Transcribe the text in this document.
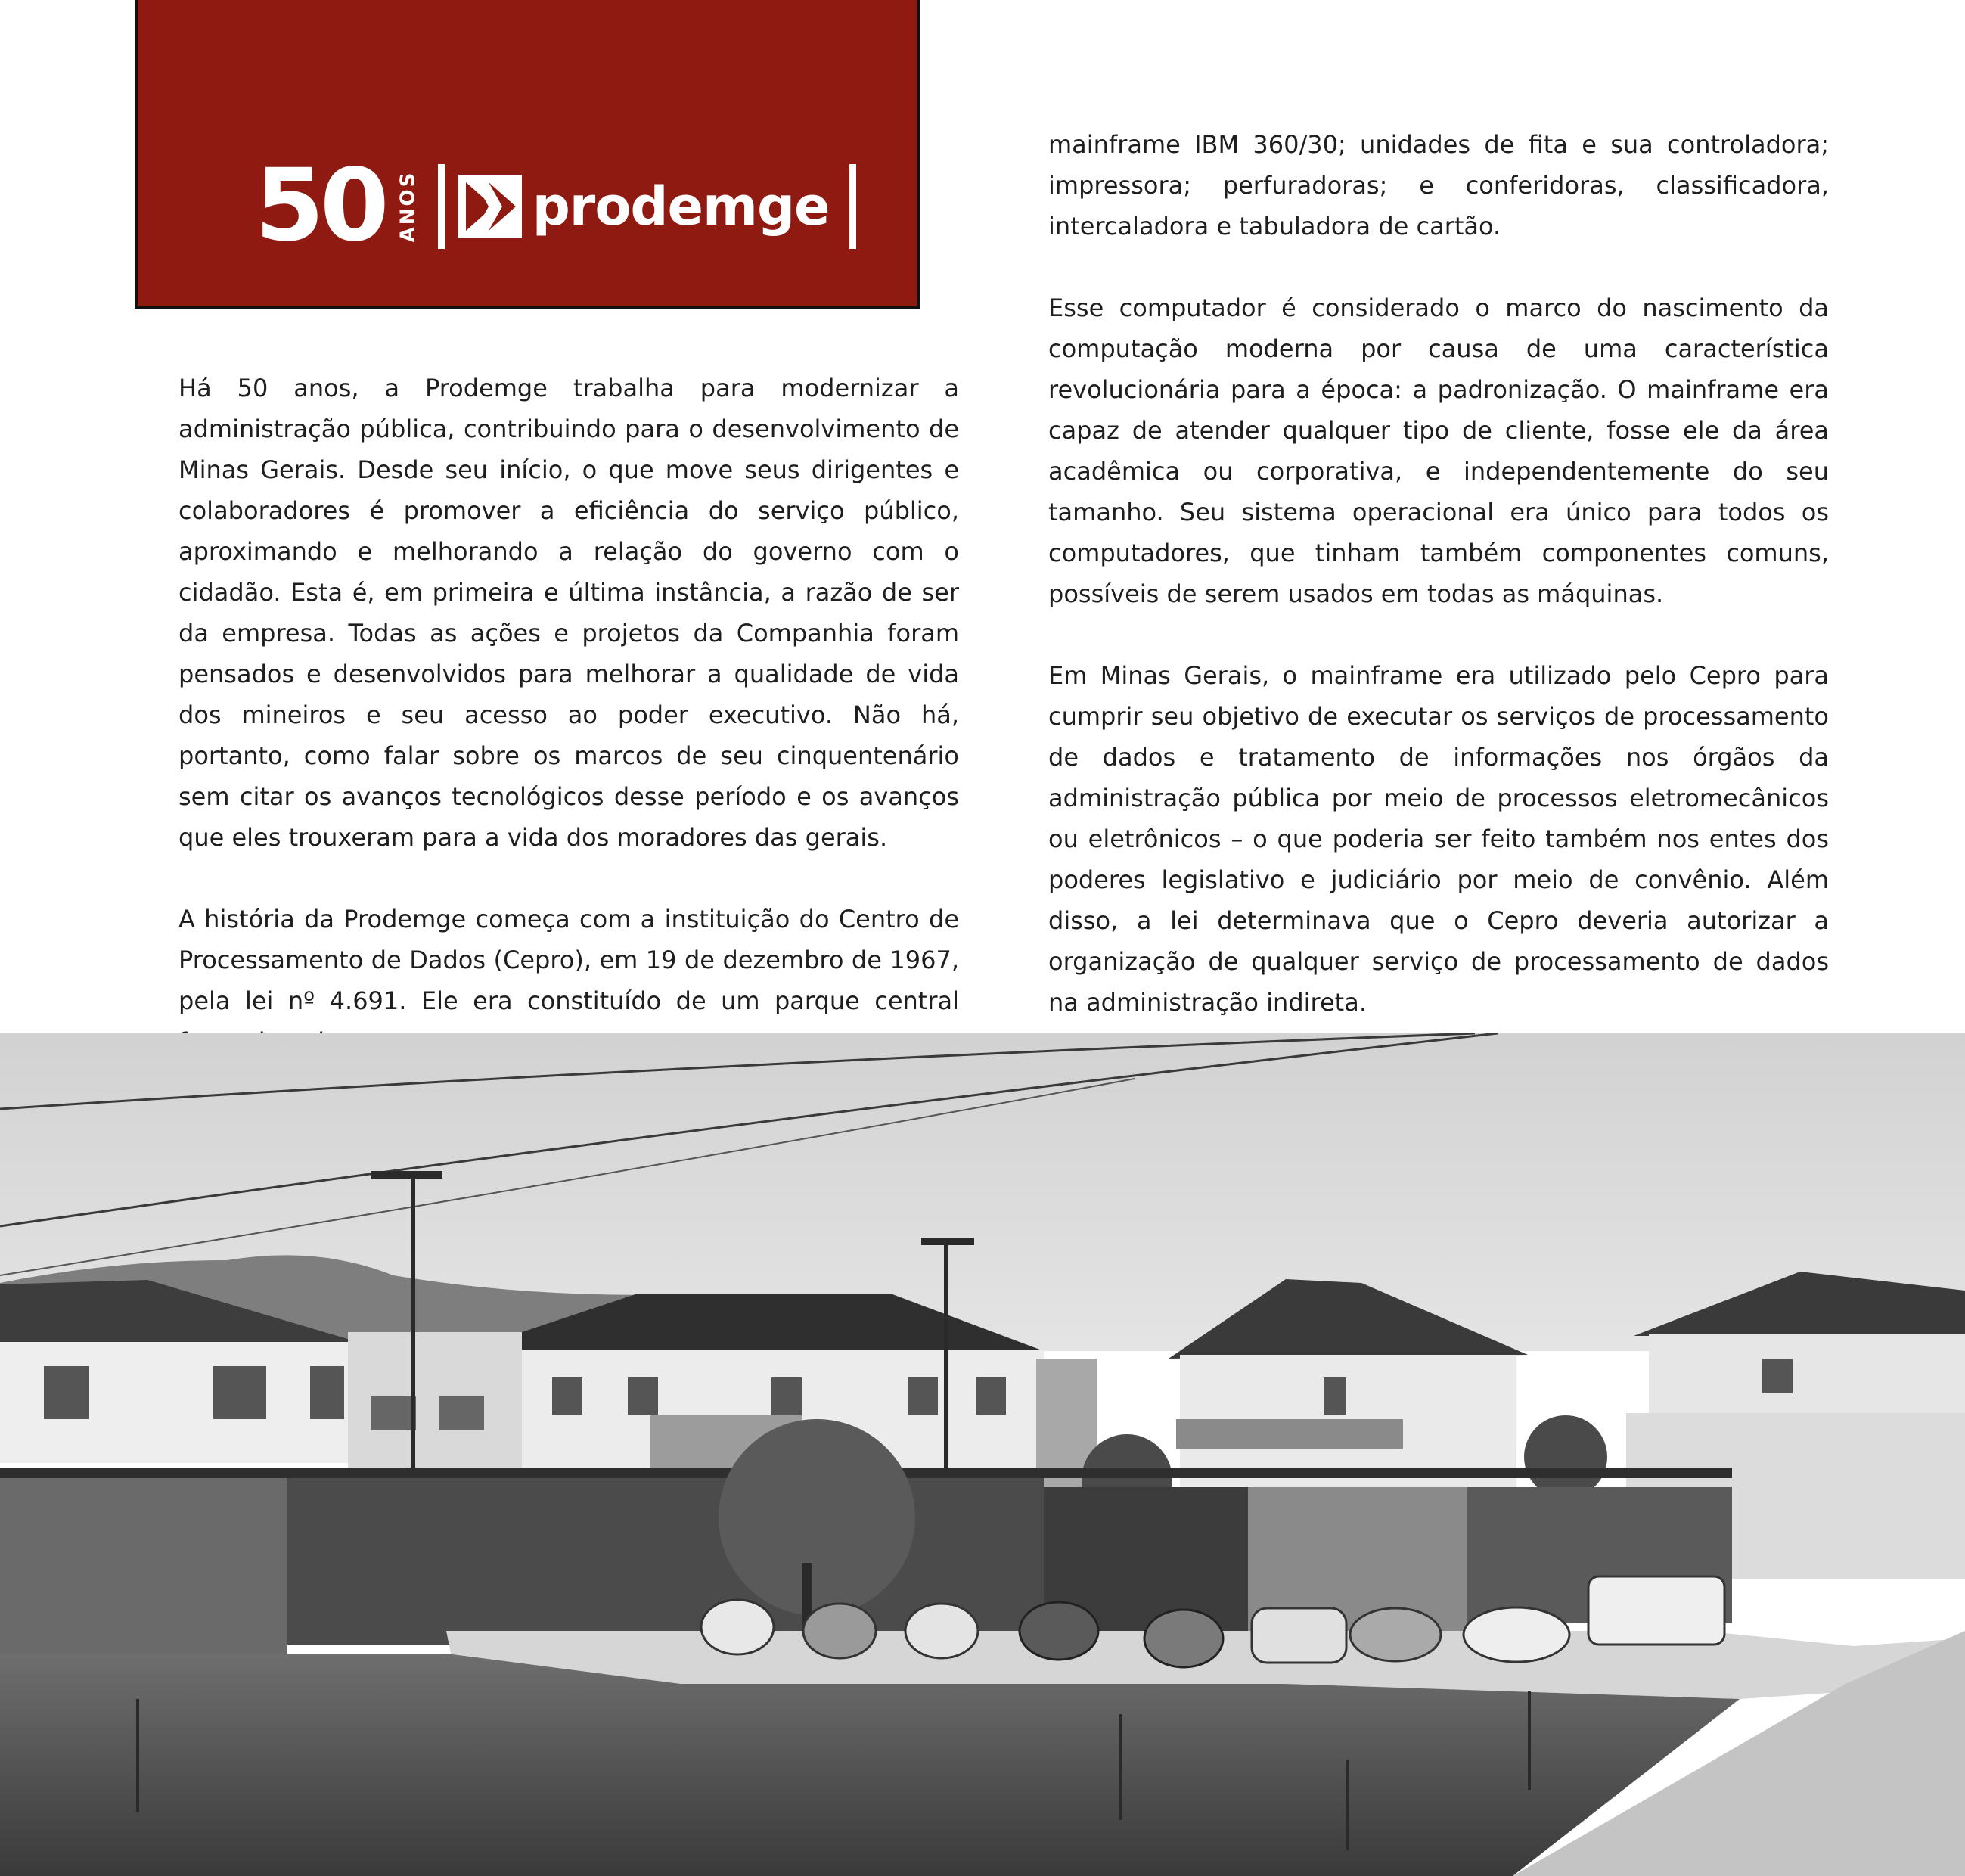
50 ANOS prodemge

Há 50 anos, a Prodemge trabalha para modernizar a administração pública, contribuindo para o desenvolvimento de Minas Gerais. Desde seu início, o que move seus dirigentes e colaboradores é promover a eficiência do serviço público, aproximando e melhorando a relação do governo com o cidadão. Esta é, em primeira e última instância, a razão de ser da empresa. Todas as ações e projetos da Companhia foram pensados e desenvolvidos para melhorar a qualidade de vida dos mineiros e seu acesso ao poder executivo. Não há, portanto, como falar sobre os marcos de seu cinquentenário sem citar os avanços tecnológicos desse período e os avanços que eles trouxeram para a vida dos moradores das gerais.

A história da Prodemge começa com a instituição do Centro de Processamento de Dados (Cepro), em 19 de dezembro de 1967, pela lei nº 4.691. Ele era constituído de um parque central

mainframe IBM 360/30; unidades de fita e sua controladora; impressora; perfuradoras; e conferidoras, classificadora, intercaladora e tabuladora de cartão.

Esse computador é considerado o marco do nascimento da computação moderna por causa de uma característica revolucionária para a época: a padronização. O mainframe era capaz de atender qualquer tipo de cliente, fosse ele da área acadêmica ou corporativa, e independentemente do seu tamanho. Seu sistema operacional era único para todos os computadores, que tinham também componentes comuns, possíveis de serem usados em todas as máquinas.

Em Minas Gerais, o mainframe era utilizado pelo Cepro para cumprir seu objetivo de executar os serviços de processamento de dados e tratamento de informações nos órgãos da administração pública por meio de processos eletromecânicos ou eletrônicos – o que poderia ser feito também nos entes dos poderes legislativo e judiciário por meio de convênio. Além disso, a lei determinava que o Cepro deveria autorizar a organização de qualquer serviço de processamento de dados na administração indireta.
